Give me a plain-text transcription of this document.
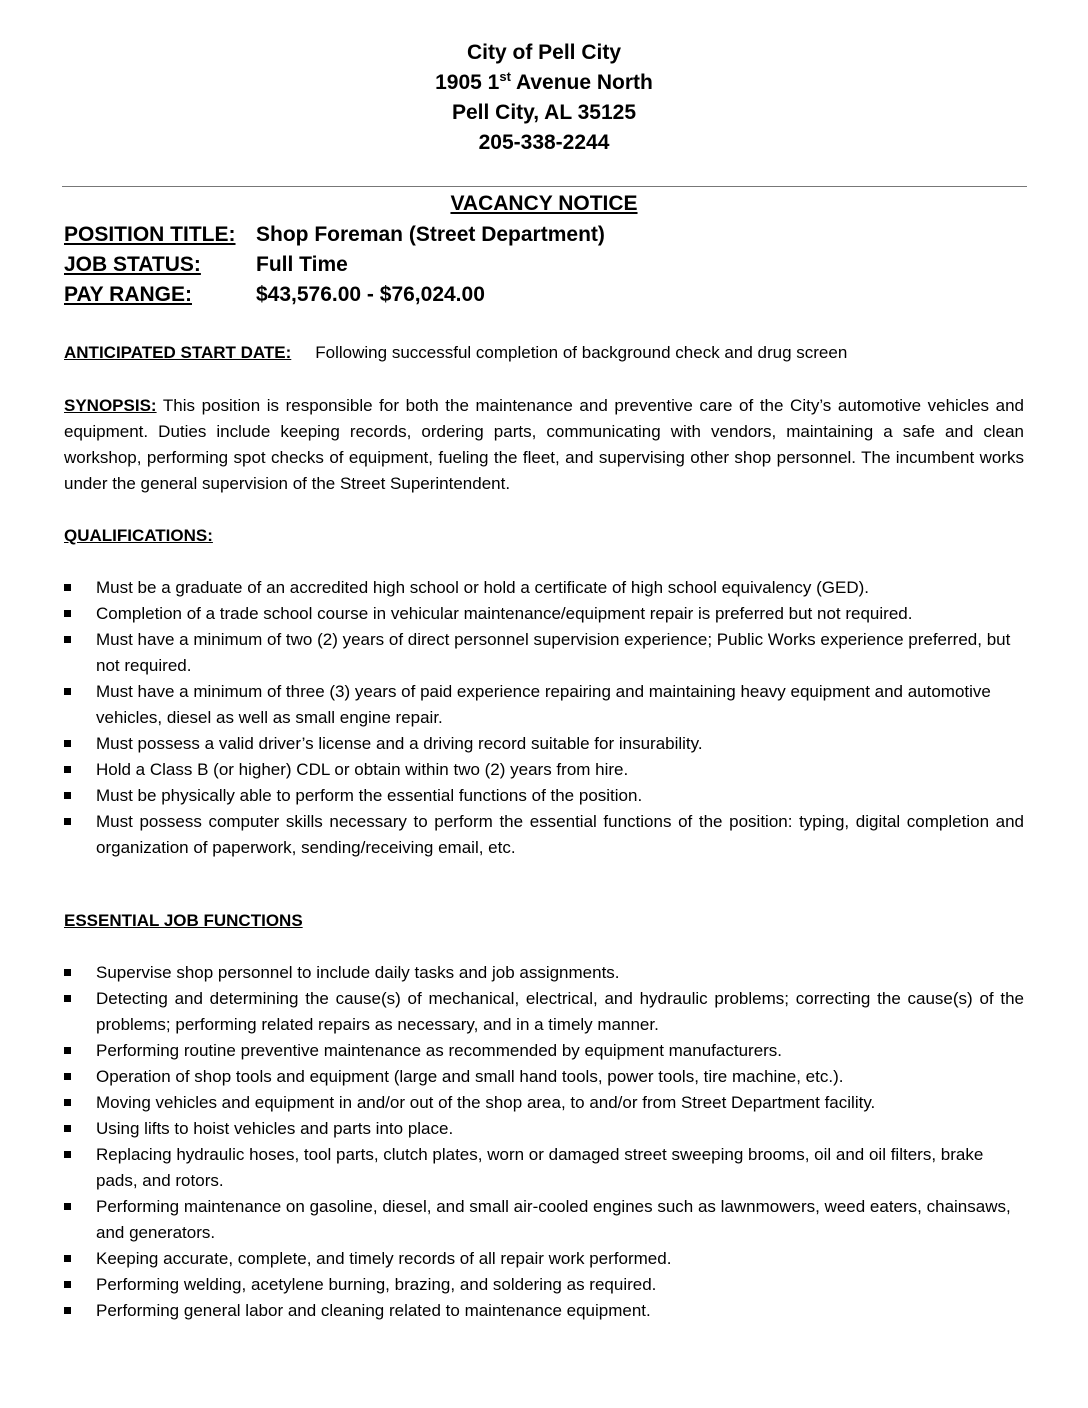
City of Pell City
1905 1st Avenue North
Pell City, AL 35125
205-338-2244
VACANCY NOTICE
POSITION TITLE: Shop Foreman (Street Department)
JOB STATUS:	Full Time
PAY RANGE:	$43,576.00 - $76,024.00
ANTICIPATED START DATE: Following successful completion of background check and drug screen
SYNOPSIS: This position is responsible for both the maintenance and preventive care of the City’s automotive vehicles and equipment. Duties include keeping records, ordering parts, communicating with vendors, maintaining a safe and clean workshop, performing spot checks of equipment, fueling the fleet, and supervising other shop personnel. The incumbent works under the general supervision of the Street Superintendent.
QUALIFICATIONS:
Must be a graduate of an accredited high school or hold a certificate of high school equivalency (GED).
Completion of a trade school course in vehicular maintenance/equipment repair is preferred but not required.
Must have a minimum of two (2) years of direct personnel supervision experience; Public Works experience preferred, but not required.
Must have a minimum of three (3) years of paid experience repairing and maintaining heavy equipment and automotive vehicles, diesel as well as small engine repair.
Must possess a valid driver’s license and a driving record suitable for insurability.
Hold a Class B (or higher) CDL or obtain within two (2) years from hire.
Must be physically able to perform the essential functions of the position.
Must possess computer skills necessary to perform the essential functions of the position: typing, digital completion and organization of paperwork, sending/receiving email, etc.
ESSENTIAL JOB FUNCTIONS
Supervise shop personnel to include daily tasks and job assignments.
Detecting and determining the cause(s) of mechanical, electrical, and hydraulic problems; correcting the cause(s) of the problems; performing related repairs as necessary, and in a timely manner.
Performing routine preventive maintenance as recommended by equipment manufacturers.
Operation of shop tools and equipment (large and small hand tools, power tools, tire machine, etc.).
Moving vehicles and equipment in and/or out of the shop area, to and/or from Street Department facility.
Using lifts to hoist vehicles and parts into place.
Replacing hydraulic hoses, tool parts, clutch plates, worn or damaged street sweeping brooms, oil and oil filters, brake pads, and rotors.
Performing maintenance on gasoline, diesel, and small air-cooled engines such as lawnmowers, weed eaters, chainsaws, and generators.
Keeping accurate, complete, and timely records of all repair work performed.
Performing welding, acetylene burning, brazing, and soldering as required.
Performing general labor and cleaning related to maintenance equipment.
